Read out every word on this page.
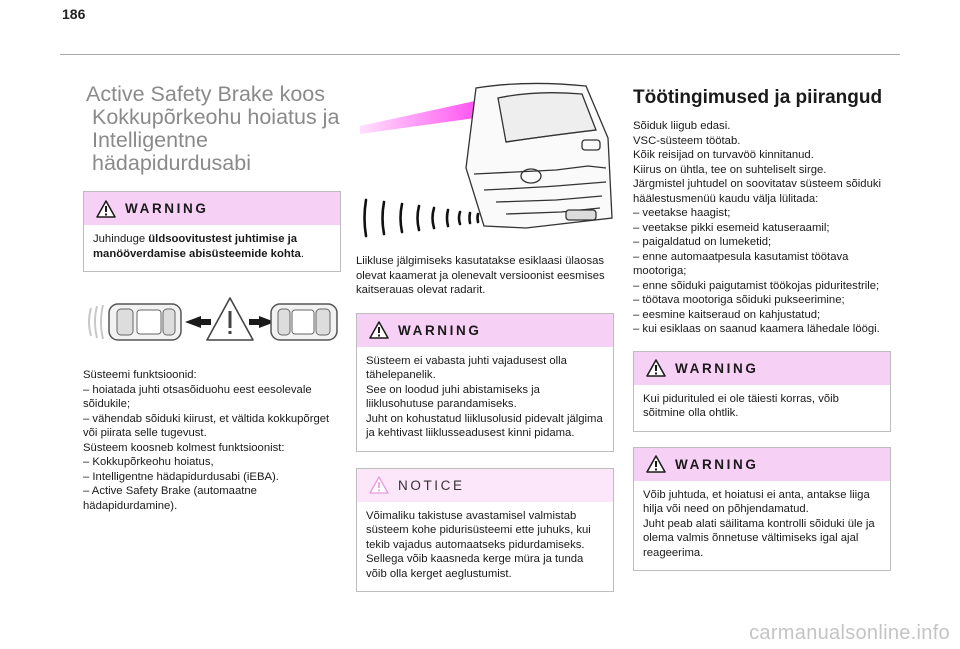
186
Active Safety Brake koos Kokkupõrkeohu hoiatus ja Intelligentne hädapidurdusabi
WARNING
Juhinduge üldsoovitustest juhtimise ja manööverdamise abisüsteemide kohta.

Süsteemi funktsioonid:
– hoiatada juhti otsasõiduohu eest eesolevale sõidukile;
– vähendab sõiduki kiirust, et vältida kokkupõrget või piirata selle tugevust.
Süsteem koosneb kolmest funktsioonist:
– Kokkupõrkeohu hoiatus,
– Intelligentne hädapidurdusabi (iEBA).
– Active Safety Brake (automaatne hädapidurdamine).

Liikluse jälgimiseks kasutatakse esiklaasi ülaosas olevat kaamerat ja olenevalt versioonist eesmises kaitserauas olevat radarit.

WARNING
Süsteem ei vabasta juhti vajadusest olla tähelepanelik.
See on loodud juhi abistamiseks ja liiklusohutuse parandamiseks.
Juht on kohustatud liiklusolusid pidevalt jälgima ja kehtivast liiklusseadusest kinni pidama.
NOTICE
Võimaliku takistuse avastamisel valmistab süsteem kohe pidurisüsteemi ette juhuks, kui tekib vajadus automaatseks pidurdamiseks. Sellega võib kaasneda kerge müra ja tunda võib olla kerget aeglustumist.
Töötingimused ja piirangud

Sõiduk liigub edasi.
VSC-süsteem töötab.
Kõik reisijad on turvavöö kinnitanud.
Kiirus on ühtla, tee on suhteliselt sirge.
Järgmistel juhtudel on soovitatav süsteem sõiduki häälestusmenüü kaudu välja lülitada:
– veetakse haagist;
– veetakse pikki esemeid katuseraamil;
– paigaldatud on lumeketid;
– enne automaatpesula kasutamist töötava mootoriga;
– enne sõiduki paigutamist töökojas piduritestrile;
– töötava mootoriga sõiduki pukseerimine;
– eesmine kaitseraud on kahjustatud;
– kui esiklaas on saanud kaamera lähedale löögi.

WARNING
Kui piduritulеd ei ole täiesti korras, võib sõitmine olla ohtlik.
WARNING
Võib juhtuda, et hoiatusi ei anta, antakse liiga hilja või need on põhjendamatud.
Juht peab alati säilitama kontrolli sõiduki üle ja olema valmis õnnetuse vältimiseks igal ajal reageerima.
carmanualsonline.info
